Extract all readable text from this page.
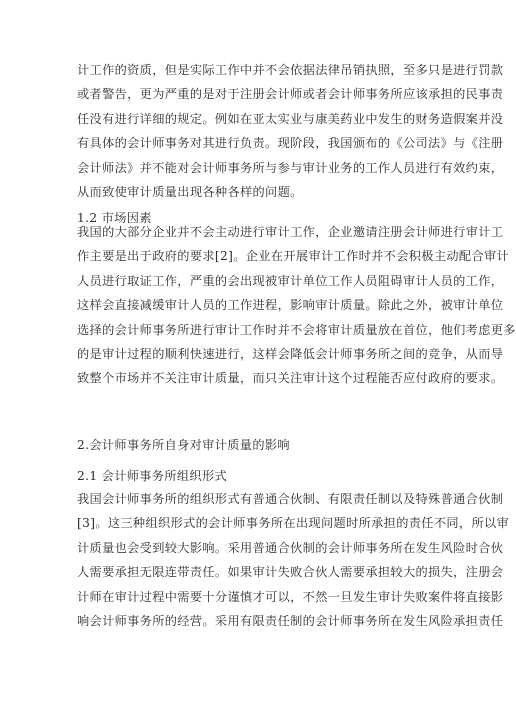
计工作的资质，但是实际工作中并不会依据法律吊销执照，至多只是进行罚款
或者警告，更为严重的是对于注册会计师或者会计师事务所应该承担的民事责
任没有进行详细的规定。例如在亚太实业与康美药业中发生的财务造假案并没
有具体的会计师事务对其进行负责。现阶段，我国颁布的《公司法》与《注册
会计师法》并不能对会计师事务所与参与审计业务的工作人员进行有效约束，
从而致使审计质量出现各种各样的问题。
1.2 市场因素
我国的大部分企业并不会主动进行审计工作，企业邀请注册会计师进行审计工
作主要是出于政府的要求[2]。企业在开展审计工作时并不会积极主动配合审计
人员进行取证工作，严重的会出现被审计单位工作人员阻碍审计人员的工作，
这样会直接减缓审计人员的工作进程，影响审计质量。除此之外，被审计单位
选择的会计师事务所进行审计工作时并不会将审计质量放在首位，他们考虑更多
的是审计过程的顺利快速进行，这样会降低会计师事务所之间的竞争，从而导
致整个市场并不关注审计质量，而只关注审计这个过程能否应付政府的要求。
2.会计师事务所自身对审计质量的影响
2.1 会计师事务所组织形式
我国会计师事务所的组织形式有普通合伙制、有限责任制以及特殊普通合伙制
[3]。这三种组织形式的会计师事务所在出现问题时所承担的责任不同，所以审
计质量也会受到较大影响。采用普通合伙制的会计师事务所在发生风险时合伙
人需要承担无限连带责任。如果审计失败合伙人需要承担较大的损失，注册会
计师在审计过程中需要十分谨慎才可以，不然一旦发生审计失败案件将直接影
响会计师事务所的经营。采用有限责任制的会计师事务所在发生风险承担责任
